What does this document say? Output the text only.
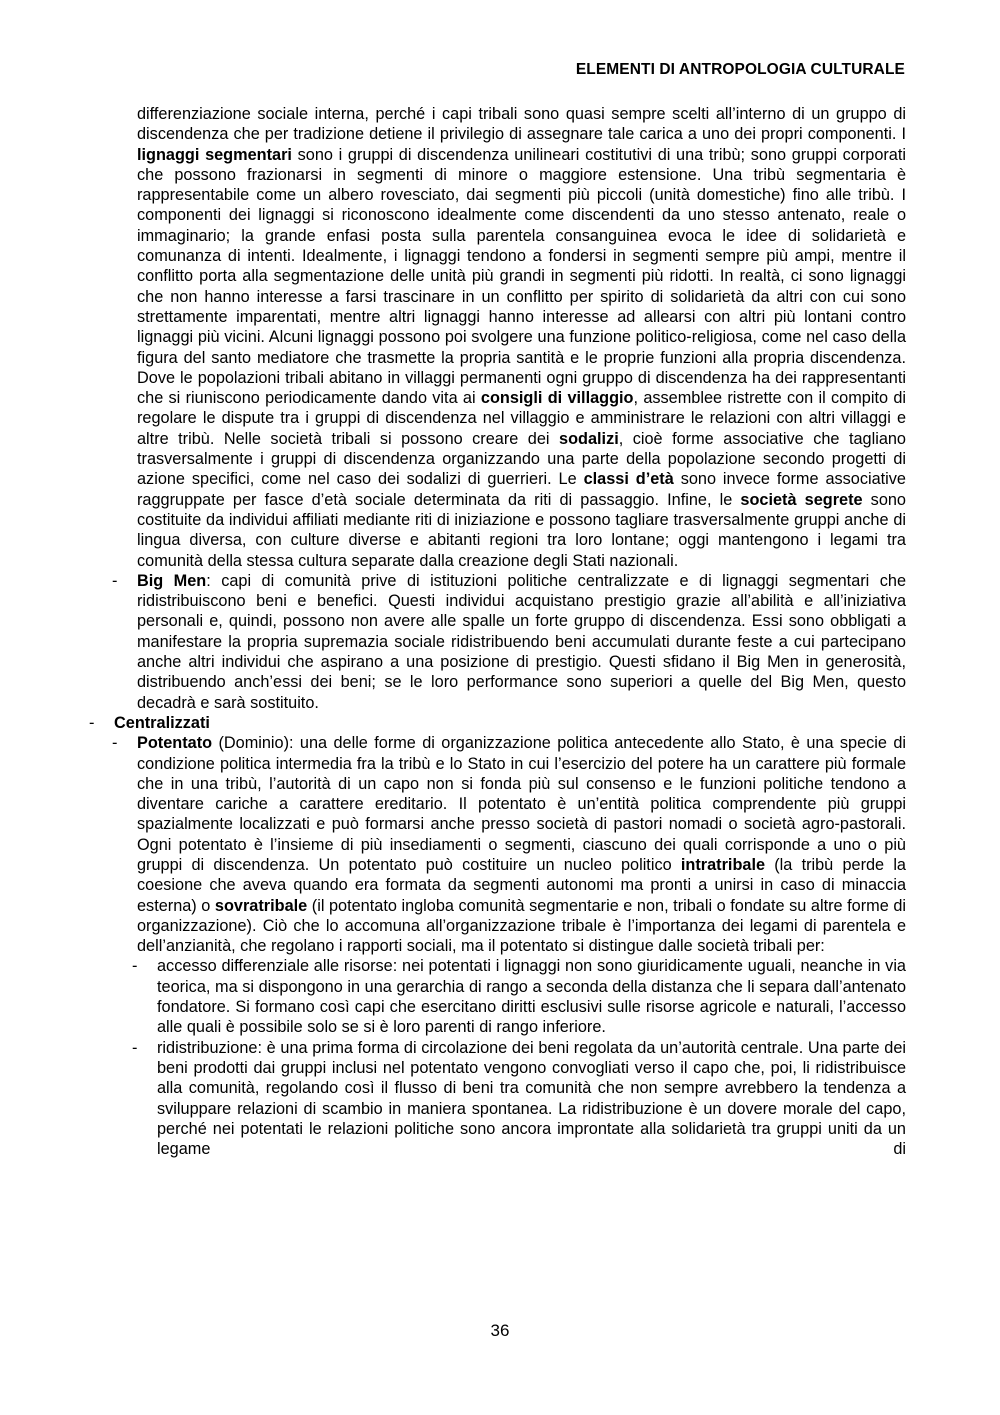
ELEMENTI DI ANTROPOLOGIA CULTURALE

differenziazione sociale interna, perché i capi tribali sono quasi sempre scelti all’interno di un gruppo di discendenza che per tradizione detiene il privilegio di assegnare tale carica a uno dei propri componenti. I lignaggi segmentari sono i gruppi di discendenza unilineari costitutivi di una tribù; sono gruppi corporati che possono frazionarsi in segmenti di minore o maggiore estensione. Una tribù segmentaria è rappresentabile come un albero rovesciato, dai segmenti più piccoli (unità domestiche) fino alle tribù. I componenti dei lignaggi si riconoscono idealmente come discendenti da uno stesso antenato, reale o immaginario; la grande enfasi posta sulla parentela consanguinea evoca le idee di solidarietà e comunanza di intenti. Idealmente, i lignaggi tendono a fondersi in segmenti sempre più ampi, mentre il conflitto porta alla segmentazione delle unità più grandi in segmenti più ridotti. In realtà, ci sono lignaggi che non hanno interesse a farsi trascinare in un conflitto per spirito di solidarietà da altri con cui sono strettamente imparentati, mentre altri lignaggi hanno interesse ad allearsi con altri più lontani contro lignaggi più vicini. Alcuni lignaggi possono poi svolgere una funzione politico-religiosa, come nel caso della figura del santo mediatore che trasmette la propria santità e le proprie funzioni alla propria discendenza. Dove le popolazioni tribali abitano in villaggi permanenti ogni gruppo di discendenza ha dei rappresentanti che si riuniscono periodicamente dando vita ai consigli di villaggio, assemblee ristrette con il compito di regolare le dispute tra i gruppi di discendenza nel villaggio e amministrare le relazioni con altri villaggi e altre tribù. Nelle società tribali si possono creare dei sodalizi, cioè forme associative che tagliano trasversalmente i gruppi di discendenza organizzando una parte della popolazione secondo progetti di azione specifici, come nel caso dei sodalizi di guerrieri. Le classi d’età sono invece forme associative raggruppate per fasce d’età sociale determinata da riti di passaggio. Infine, le società segrete sono costituite da individui affiliati mediante riti di iniziazione e possono tagliare trasversalmente gruppi anche di lingua diversa, con culture diverse e abitanti regioni tra loro lontane; oggi mantengono i legami tra comunità della stessa cultura separate dalla creazione degli Stati nazionali.

-	Big Men: capi di comunità prive di istituzioni politiche centralizzate e di lignaggi segmentari che ridistribuiscono beni e benefici. Questi individui acquistano prestigio grazie all’abilità e all’iniziativa personali e, quindi, possono non avere alle spalle un forte gruppo di discendenza. Essi sono obbligati a manifestare la propria supremazia sociale ridistribuendo beni accumulati durante feste a cui partecipano anche altri individui che aspirano a una posizione di prestigio. Questi sfidano il Big Men in generosità, distribuendo anch’essi dei beni; se le loro performance sono superiori a quelle del Big Men, questo decadrà e sarà sostituito.

-	Centralizzati

-	Potentato (Dominio): una delle forme di organizzazione politica antecedente allo Stato, è una specie di condizione politica intermedia fra la tribù e lo Stato in cui l’esercizio del potere ha un carattere più formale che in una tribù, l’autorità di un capo non si fonda più sul consenso e le funzioni politiche tendono a diventare cariche a carattere ereditario. Il potentato è un’entità politica comprendente più gruppi spazialmente localizzati e può formarsi anche presso società di pastori nomadi o società agro-pastorali. Ogni potentato è l’insieme di più insediamenti o segmenti, ciascuno dei quali corrisponde a uno o più gruppi di discendenza. Un potentato può costituire un nucleo politico intratribale (la tribù perde la coesione che aveva quando era formata da segmenti autonomi ma pronti a unirsi in caso di minaccia esterna) o sovratribale (il potentato ingloba comunità segmentarie e non, tribali o fondate su altre forme di organizzazione). Ciò che lo accomuna all’organizzazione tribale è l’importanza dei legami di parentela e dell’anzianità, che regolano i rapporti sociali, ma il potentato si distingue dalle società tribali per:

-	accesso differenziale alle risorse: nei potentati i lignaggi non sono giuridicamente uguali, neanche in via teorica, ma si dispongono in una gerarchia di rango a seconda della distanza che li separa dall’antenato fondatore. Si formano così capi che esercitano diritti esclusivi sulle risorse agricole e naturali, l’accesso alle quali è possibile solo se si è loro parenti di rango inferiore.

-	ridistribuzione: è una prima forma di circolazione dei beni regolata da un’autorità centrale. Una parte dei beni prodotti dai gruppi inclusi nel potentato vengono convogliati verso il capo che, poi, li ridistribuisce alla comunità, regolando così il flusso di beni tra comunità che non sempre avrebbero la tendenza a sviluppare relazioni di scambio in maniera spontanea. La ridistribuzione è un dovere morale del capo, perché nei potentati le relazioni politiche sono ancora improntate alla solidarietà tra gruppi uniti da un legame di

36
